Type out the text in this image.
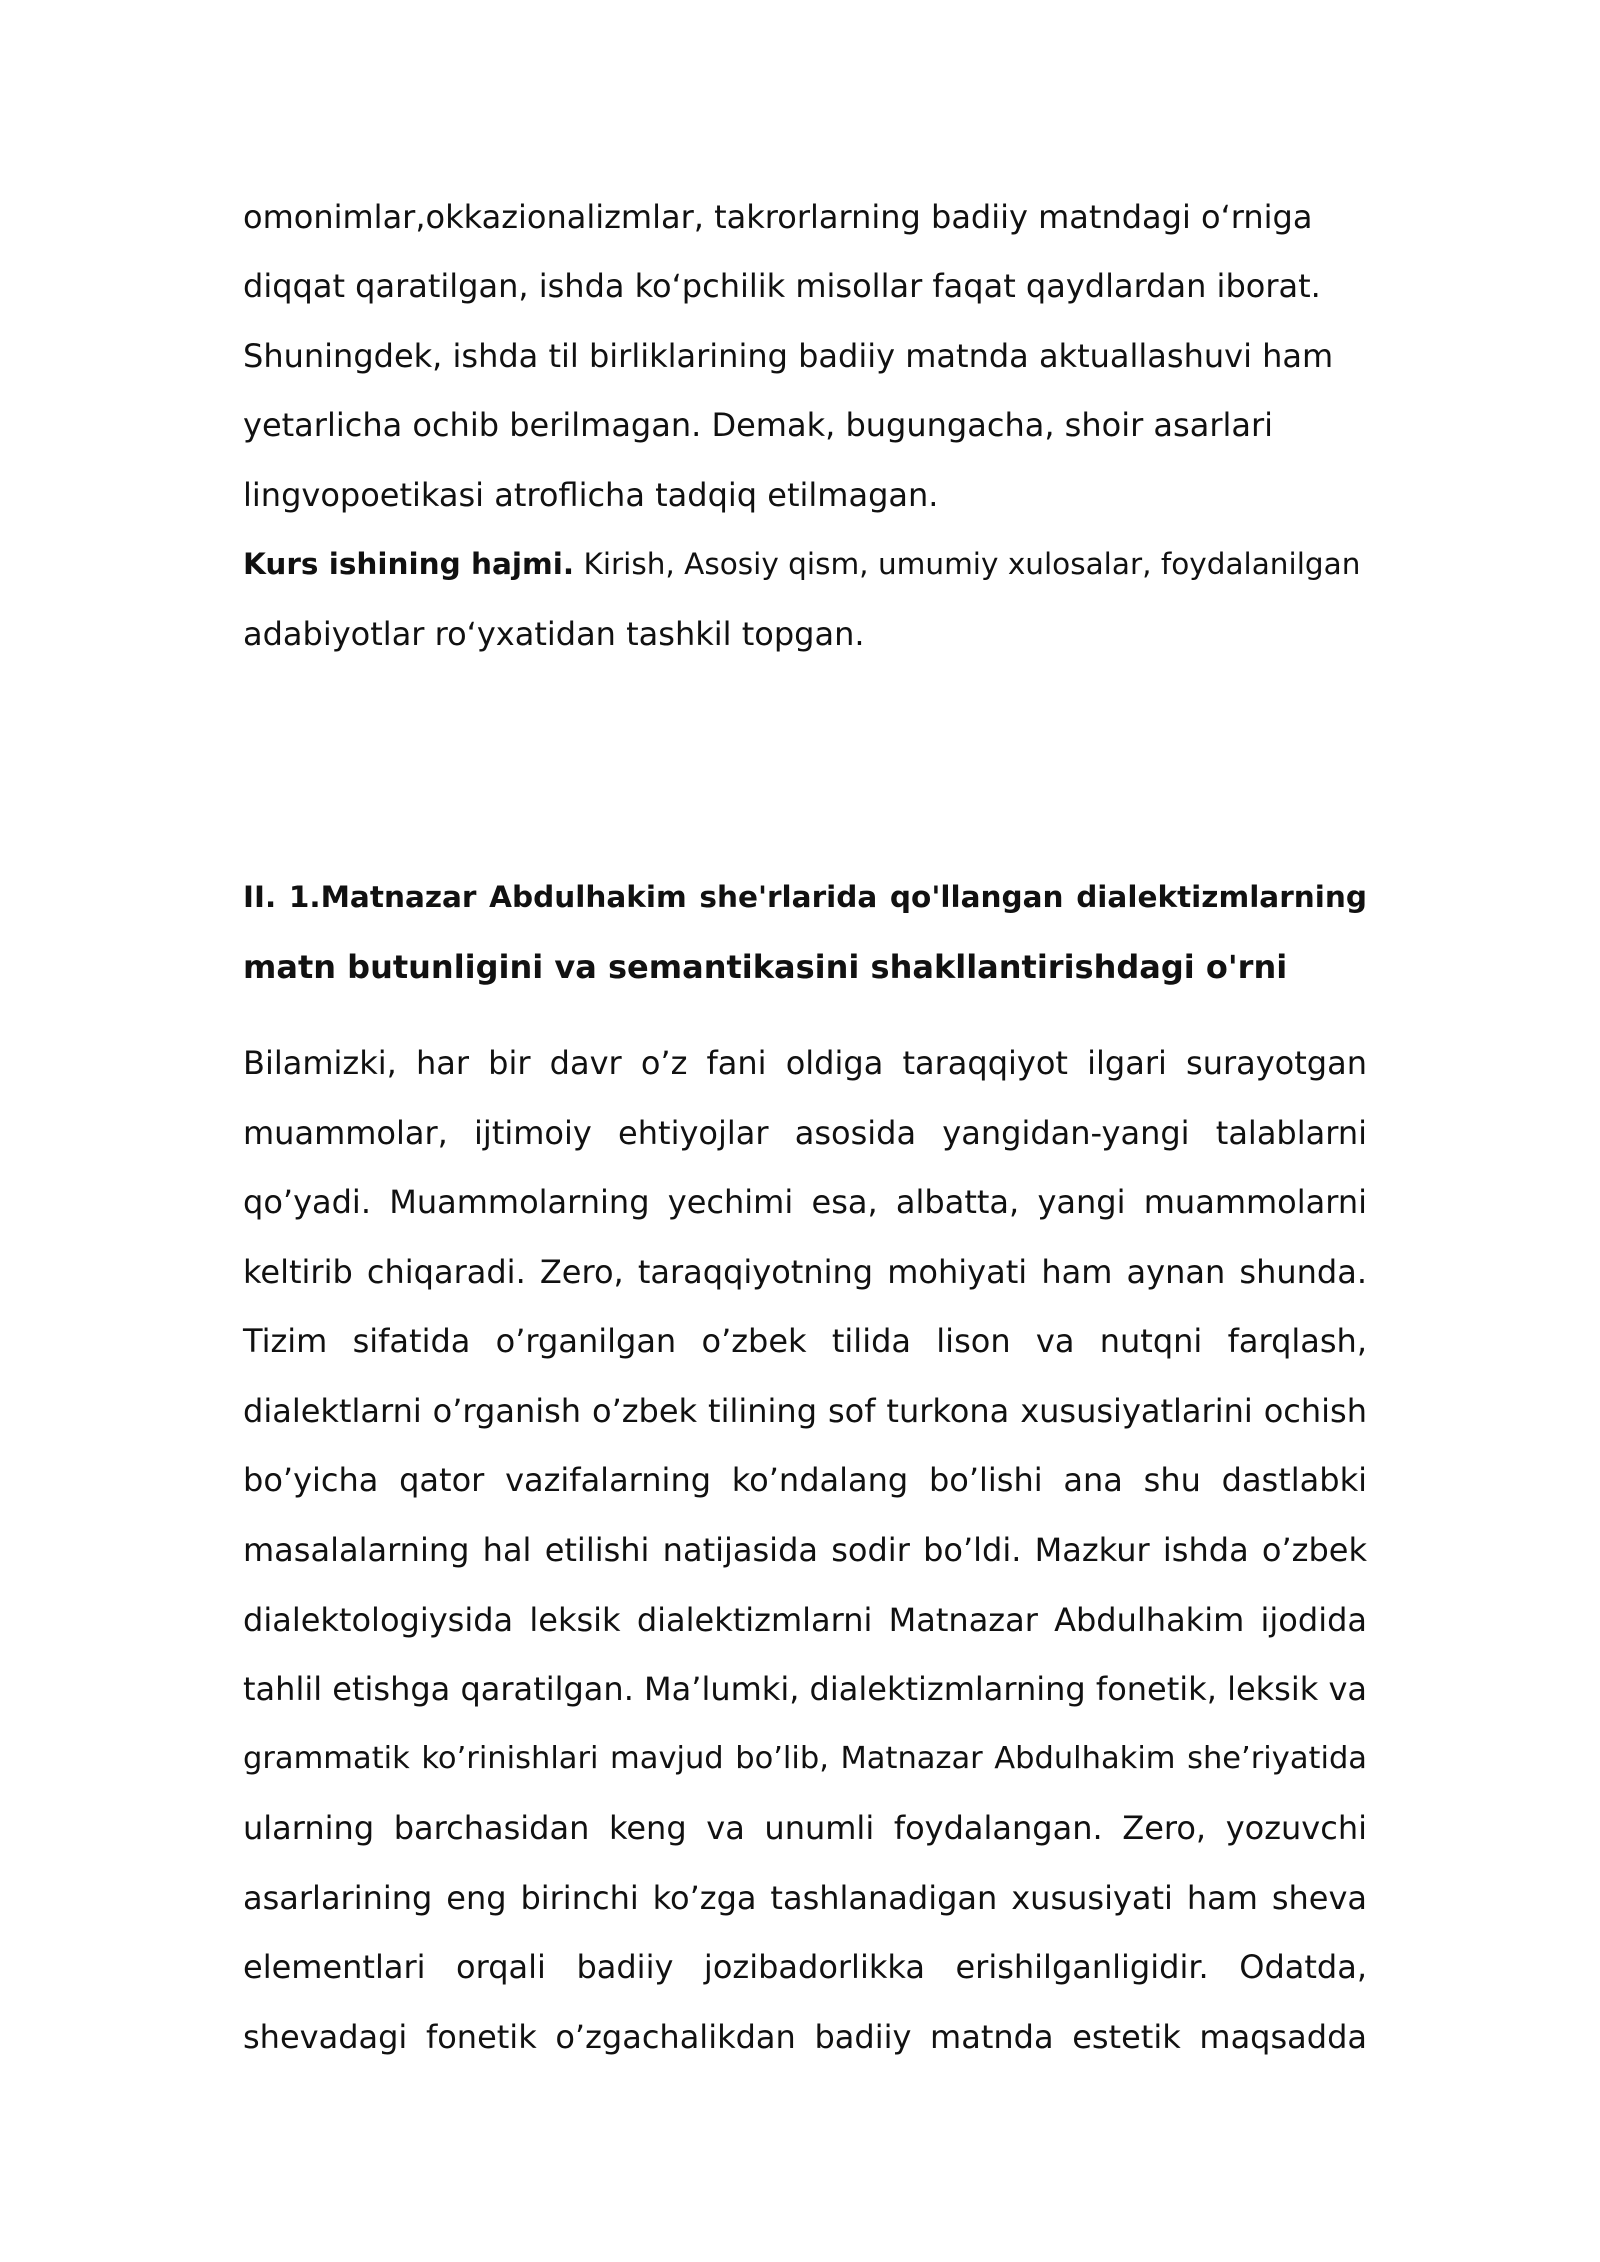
omonimlar,okkazionalizmlar, takrorlarning badiiy matndagi oʻrniga
diqqat qaratilgan, ishda koʻpchilik misollar faqat qaydlardan iborat.
Shuningdek, ishda til birliklarining badiiy matnda aktuallashuvi ham
yetarlicha ochib berilmagan. Demak, bugungacha, shoir asarlari
lingvopoetikasi atroflicha tadqiq etilmagan.
Kurs ishining hajmi. Kirish, Asosiy qism, umumiy xulosalar, foydalanilgan
adabiyotlar roʻyxatidan tashkil topgan.
II. 1.Matnazar Abdulhakim she'rlarida qo'llangan dialektizmlarning
matn butunligini va semantikasini shakllantirishdagi o'rni
Bilamizki, har bir davr o’z fani oldiga taraqqiyot ilgari surayotgan
muammolar, ijtimoiy ehtiyojlar asosida yangidan-yangi talablarni
qo’yadi. Muammolarning yechimi esa, albatta, yangi muammolarni
keltirib chiqaradi. Zero, taraqqiyotning mohiyati ham aynan shunda.
Tizim sifatida o’rganilgan o’zbek tilida lison va nutqni farqlash,
dialektlarni o’rganish o’zbek tilining sof turkona xususiyatlarini ochish
bo’yicha qator vazifalarning ko’ndalang bo’lishi ana shu dastlabki
masalalarning hal etilishi natijasida sodir bo’ldi. Mazkur ishda o’zbek
dialektologiysida leksik dialektizmlarni Matnazar Abdulhakim ijodida
tahlil etishga qaratilgan. Ma’lumki, dialektizmlarning fonetik, leksik va
grammatik ko’rinishlari mavjud bo’lib, Matnazar Abdulhakim she’riyatida
ularning barchasidan keng va unumli foydalangan. Zero, yozuvchi
asarlarining eng birinchi ko’zga tashlanadigan xususiyati ham sheva
elementlari orqali badiiy jozibadorlikka erishilganligidir. Odatda,
shevadagi fonetik o’zgachalikdan badiiy matnda estetik maqsadda
